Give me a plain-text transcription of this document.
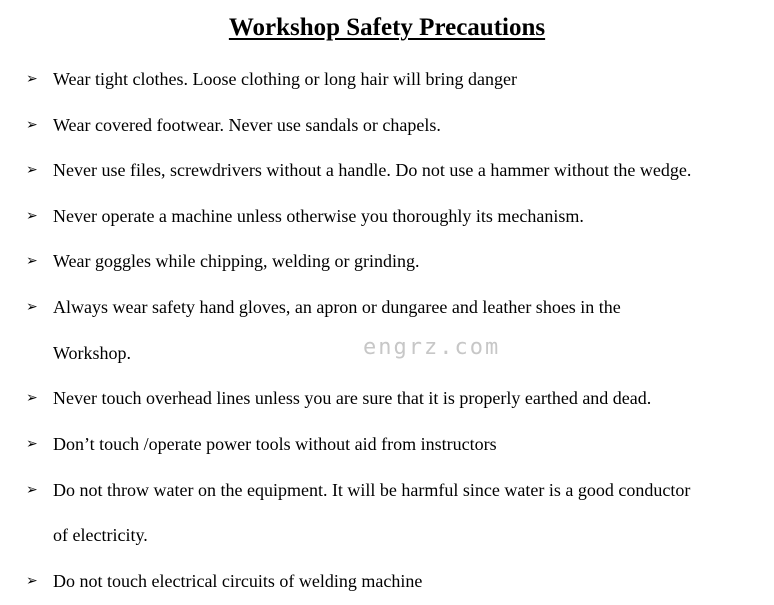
Workshop Safety Precautions
➢ Wear tight clothes. Loose clothing or long hair will bring danger
➢ Wear covered footwear. Never use sandals or chapels.
➢ Never use files, screwdrivers without a handle. Do not use a hammer without the wedge.
➢ Never operate a machine unless otherwise you thoroughly its mechanism.
➢ Wear goggles while chipping, welding or grinding.
➢ Always wear safety hand gloves, an apron or dungaree and leather shoes in the
Workshop.
➢ Never touch overhead lines unless you are sure that it is properly earthed and dead.
➢ Don’t touch /operate power tools without aid from instructors
➢ Do not throw water on the equipment. It will be harmful since water is a good conductor
of electricity.
➢ Do not touch electrical circuits of welding machine
engrz.com
